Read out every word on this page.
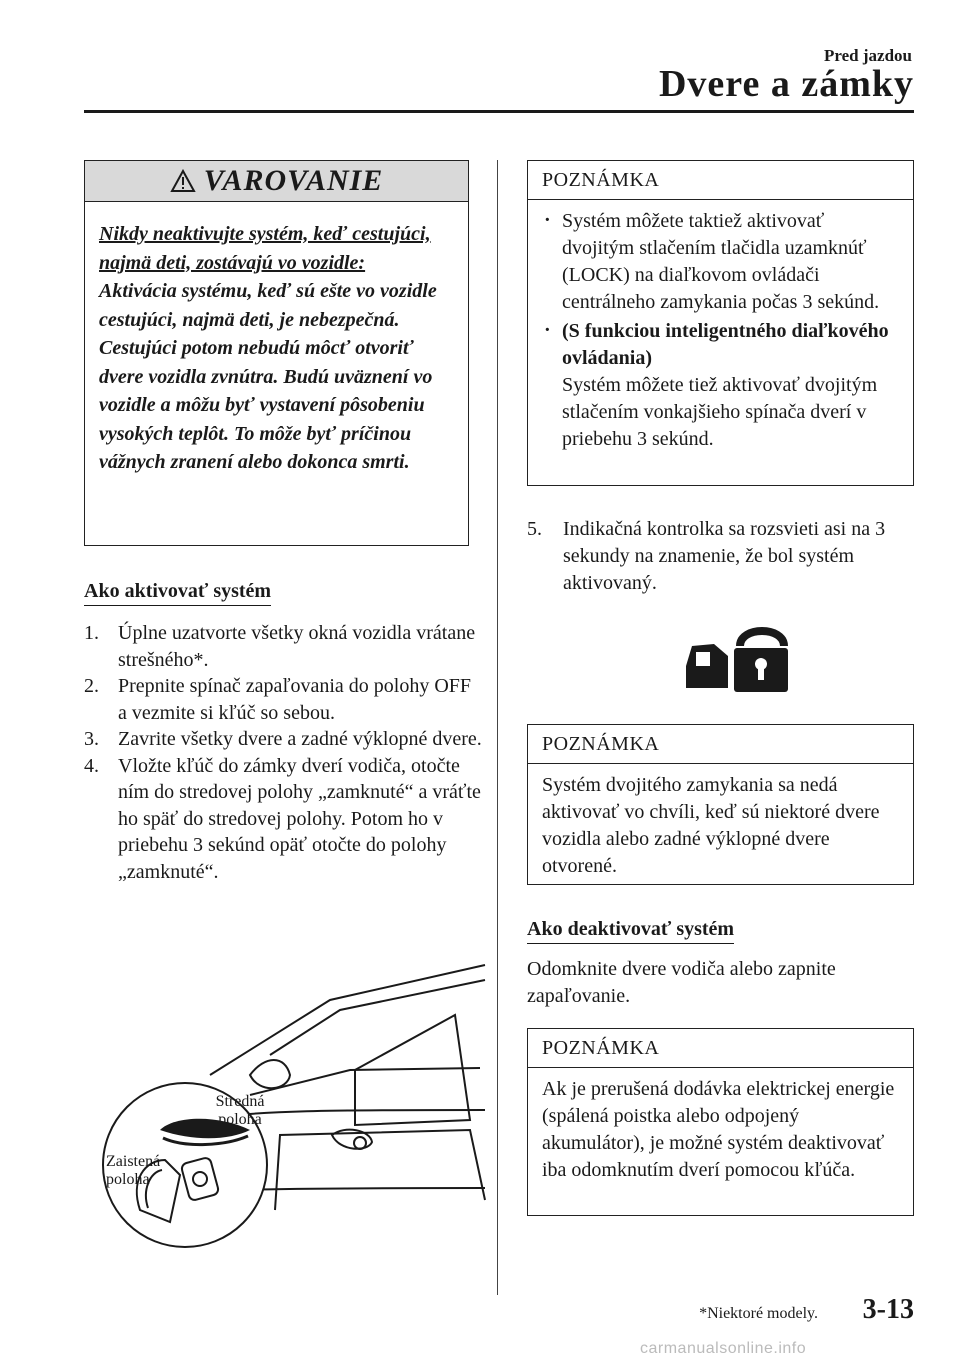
Pred jazdou
Dvere a zámky
VAROVANIE
Nikdy neaktivujte systém, keď cestujúci, najmä deti, zostávajú vo vozidle:
Aktivácia systému, keď sú ešte vo vozidle cestujúci, najmä deti, je nebezpečná. Cestujúci potom nebudú môcť otvoriť dvere vozidla zvnútra. Budú uväznení vo vozidle a môžu byť vystavení pôsobeniu vysokých teplôt. To môže byť príčinou vážnych zranení alebo dokonca smrti.
Ako aktivovať systém
1. Úplne uzatvorte všetky okná vozidla vrátane strešného*.
2. Prepnite spínač zapaľovania do polohy OFF a vezmite si kľúč so sebou.
3. Zavrite všetky dvere a zadné výklopné dvere.
4. Vložte kľúč do zámky dverí vodiča, otočte ním do stredovej polohy „zamknuté“ a vráťte ho späť do stredovej polohy. Potom ho v priebehu 3 sekúnd opäť otočte do polohy „zamknuté“.
Stredná poloha
Zaistená poloha
POZNÁMKA
· Systém môžete taktiež aktivovať dvojitým stlačením tlačidla uzamknúť (LOCK) na diaľkovom ovládači centrálneho zamykania počas 3 sekúnd.
· (S funkciou inteligentného diaľkového ovládania)
Systém môžete tiež aktivovať dvojitým stlačením vonkajšieho spínača dverí v priebehu 3 sekúnd.
5. Indikačná kontrolka sa rozsvieti asi na 3 sekundy na znamenie, že bol systém aktivovaný.
POZNÁMKA
Systém dvojitého zamykania sa nedá aktivovať vo chvíli, keď sú niektoré dvere vozidla alebo zadné výklopné dvere otvorené.
Ako deaktivovať systém
Odomknite dvere vodiča alebo zapnite zapaľovanie.
POZNÁMKA
Ak je prerušená dodávka elektrickej energie (spálená poistka alebo odpojený akumulátor), je možné systém deaktivovať iba odomknutím dverí pomocou kľúča.
*Niektoré modely. 3-13
carmanualsonline.info
